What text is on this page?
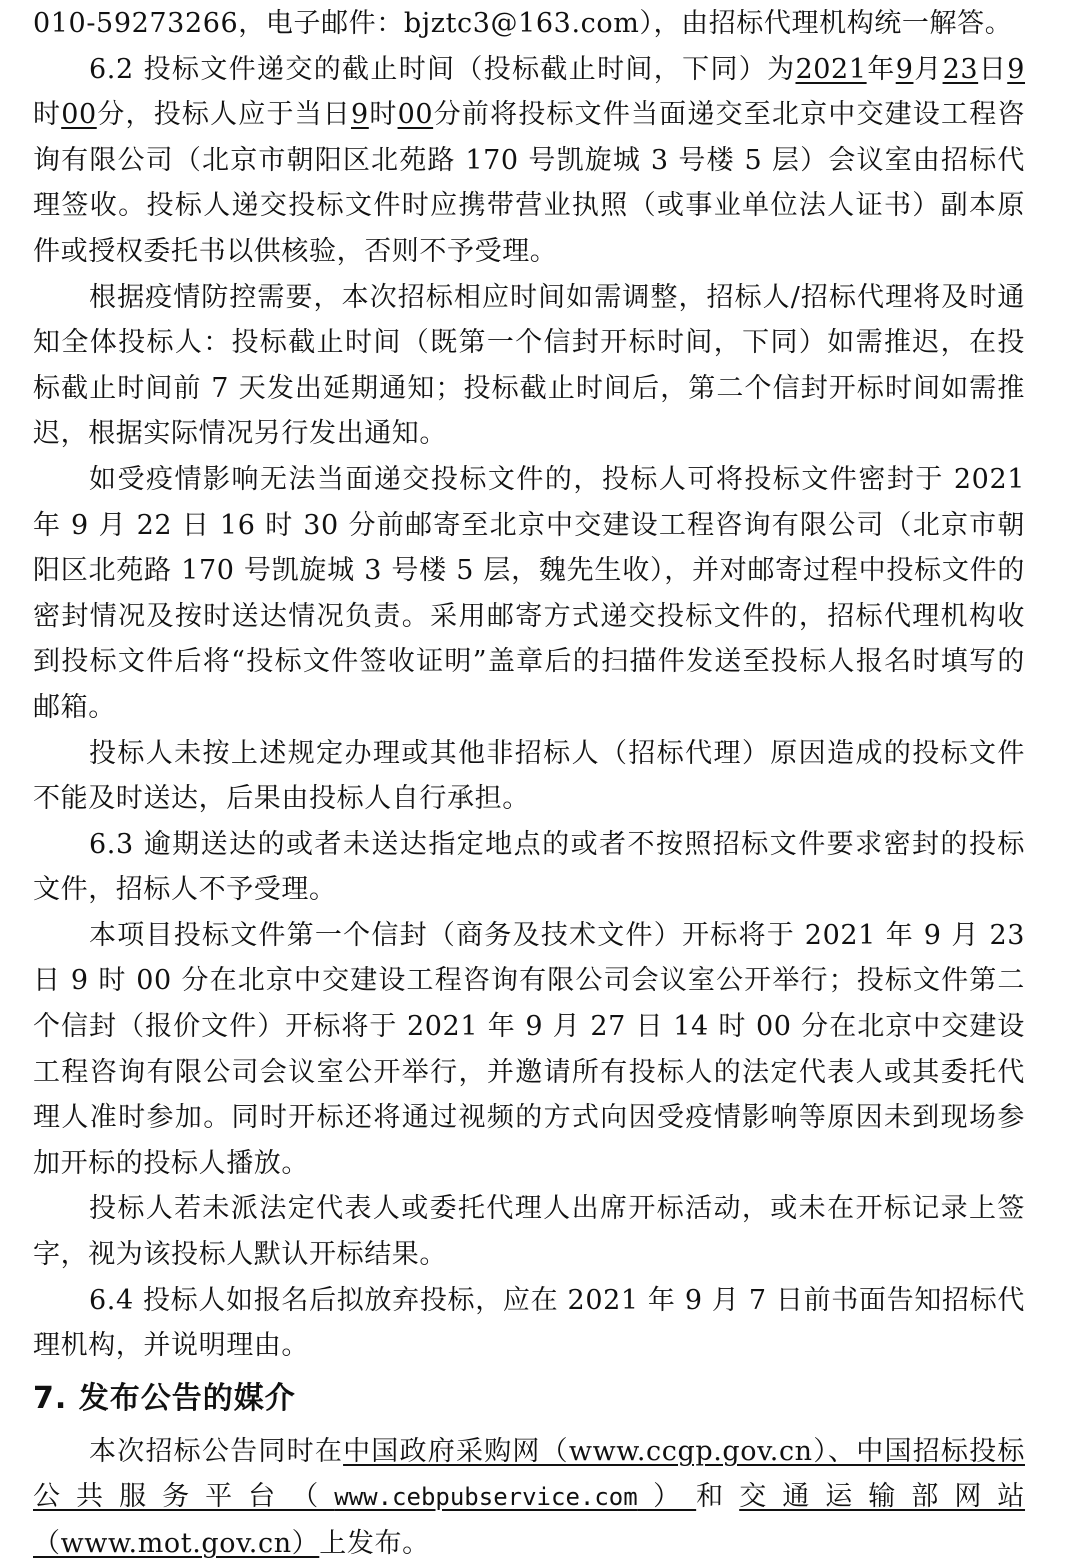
010-59273266，电子邮件：bjztc3@163.com），由招标代理机构统一解答。

6.2 投标文件递交的截止时间（投标截止时间，下同）为2021年9月23日9时00分，投标人应于当日9时00分前将投标文件当面递交至北京中交建设工程咨询有限公司（北京市朝阳区北苑路 170 号凯旋城 3 号楼 5 层）会议室由招标代理签收。投标人递交投标文件时应携带营业执照（或事业单位法人证书）副本原件或授权委托书以供核验，否则不予受理。

根据疫情防控需要，本次招标相应时间如需调整，招标人/招标代理将及时通知全体投标人：投标截止时间（既第一个信封开标时间，下同）如需推迟，在投标截止时间前 7 天发出延期通知；投标截止时间后，第二个信封开标时间如需推迟，根据实际情况另行发出通知。

如受疫情影响无法当面递交投标文件的，投标人可将投标文件密封于 2021 年 9 月 22 日 16 时 30 分前邮寄至北京中交建设工程咨询有限公司（北京市朝阳区北苑路 170 号凯旋城 3 号楼 5 层，魏先生收），并对邮寄过程中投标文件的密封情况及按时送达情况负责。采用邮寄方式递交投标文件的，招标代理机构收到投标文件后将“投标文件签收证明”盖章后的扫描件发送至投标人报名时填写的邮箱。

投标人未按上述规定办理或其他非招标人（招标代理）原因造成的投标文件不能及时送达，后果由投标人自行承担。

6.3 逾期送达的或者未送达指定地点的或者不按照招标文件要求密封的投标文件，招标人不予受理。

本项目投标文件第一个信封（商务及技术文件）开标将于 2021 年 9 月 23 日 9 时 00 分在北京中交建设工程咨询有限公司会议室公开举行；投标文件第二个信封（报价文件）开标将于 2021 年 9 月 27 日 14 时 00 分在北京中交建设工程咨询有限公司会议室公开举行，并邀请所有投标人的法定代表人或其委托代理人准时参加。同时开标还将通过视频的方式向因受疫情影响等原因未到现场参加开标的投标人播放。

投标人若未派法定代表人或委托代理人出席开标活动，或未在开标记录上签字，视为该投标人默认开标结果。

6.4 投标人如报名后拟放弃投标，应在 2021 年 9 月 7 日前书面告知招标代理机构，并说明理由。

7. 发布公告的媒介

本次招标公告同时在中国政府采购网（www.ccgp.gov.cn）、中国招标投标公共服务平台（www.cebpubservice.com）和交通运输部网站（www.mot.gov.cn）上发布。
